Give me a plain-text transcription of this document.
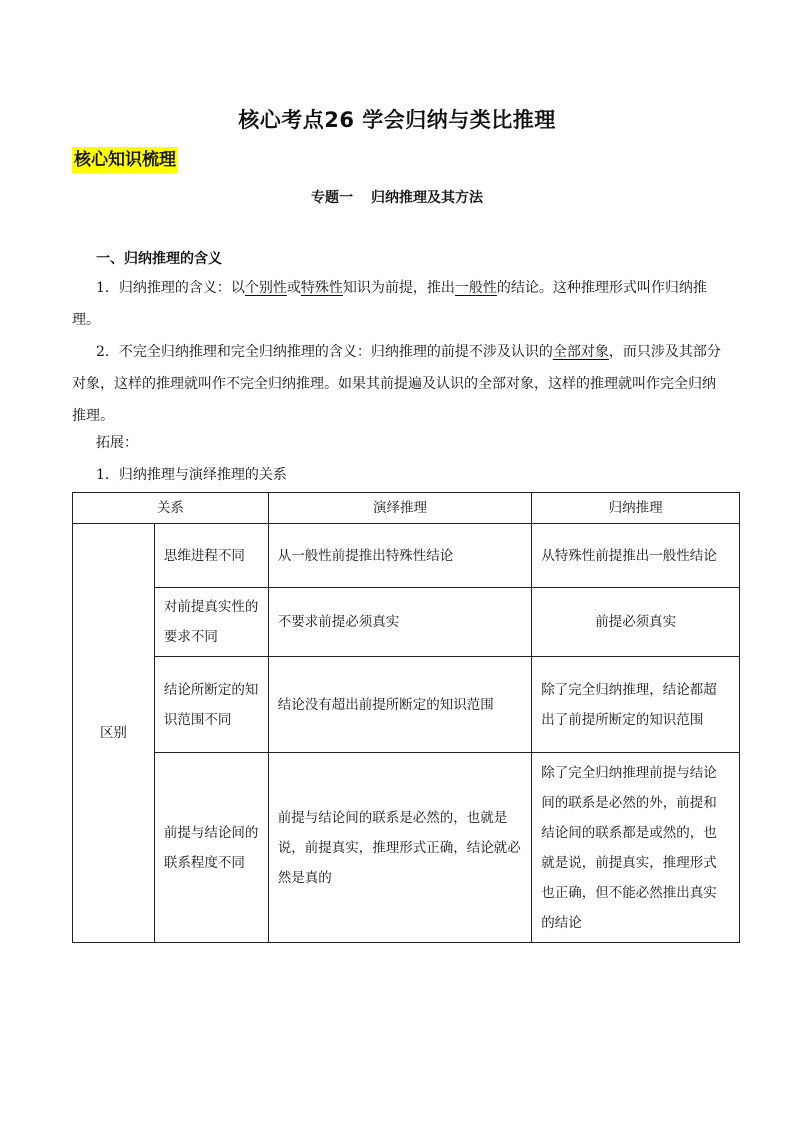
核心考点26 学会归纳与类比推理
核心知识梳理
专题一 归纳推理及其方法
一、归纳推理的含义
1．归纳推理的含义：以个别性或特殊性知识为前提，推出一般性的结论。这种推理形式叫作归纳推理。
2．不完全归纳推理和完全归纳推理的含义：归纳推理的前提不涉及认识的全部对象，而只涉及其部分对象，这样的推理就叫作不完全归纳推理。如果其前提遍及认识的全部对象，这样的推理就叫作完全归纳推理。
拓展：
1．归纳推理与演绎推理的关系
关系		演绎推理	归纳推理
区别	思维进程不同	从一般性前提推出特殊性结论	从特殊性前提推出一般性结论
	对前提真实性的要求不同	不要求前提必须真实	前提必须真实
	结论所断定的知识范围不同	结论没有超出前提所断定的知识范围	除了完全归纳推理，结论都超出了前提所断定的知识范围
	前提与结论间的联系程度不同	前提与结论间的联系是必然的，也就是说，前提真实，推理形式正确，结论就必然是真的	除了完全归纳推理前提与结论间的联系是必然的外，前提和结论间的联系都是或然的，也就是说，前提真实，推理形式也正确，但不能必然推出真实的结论
